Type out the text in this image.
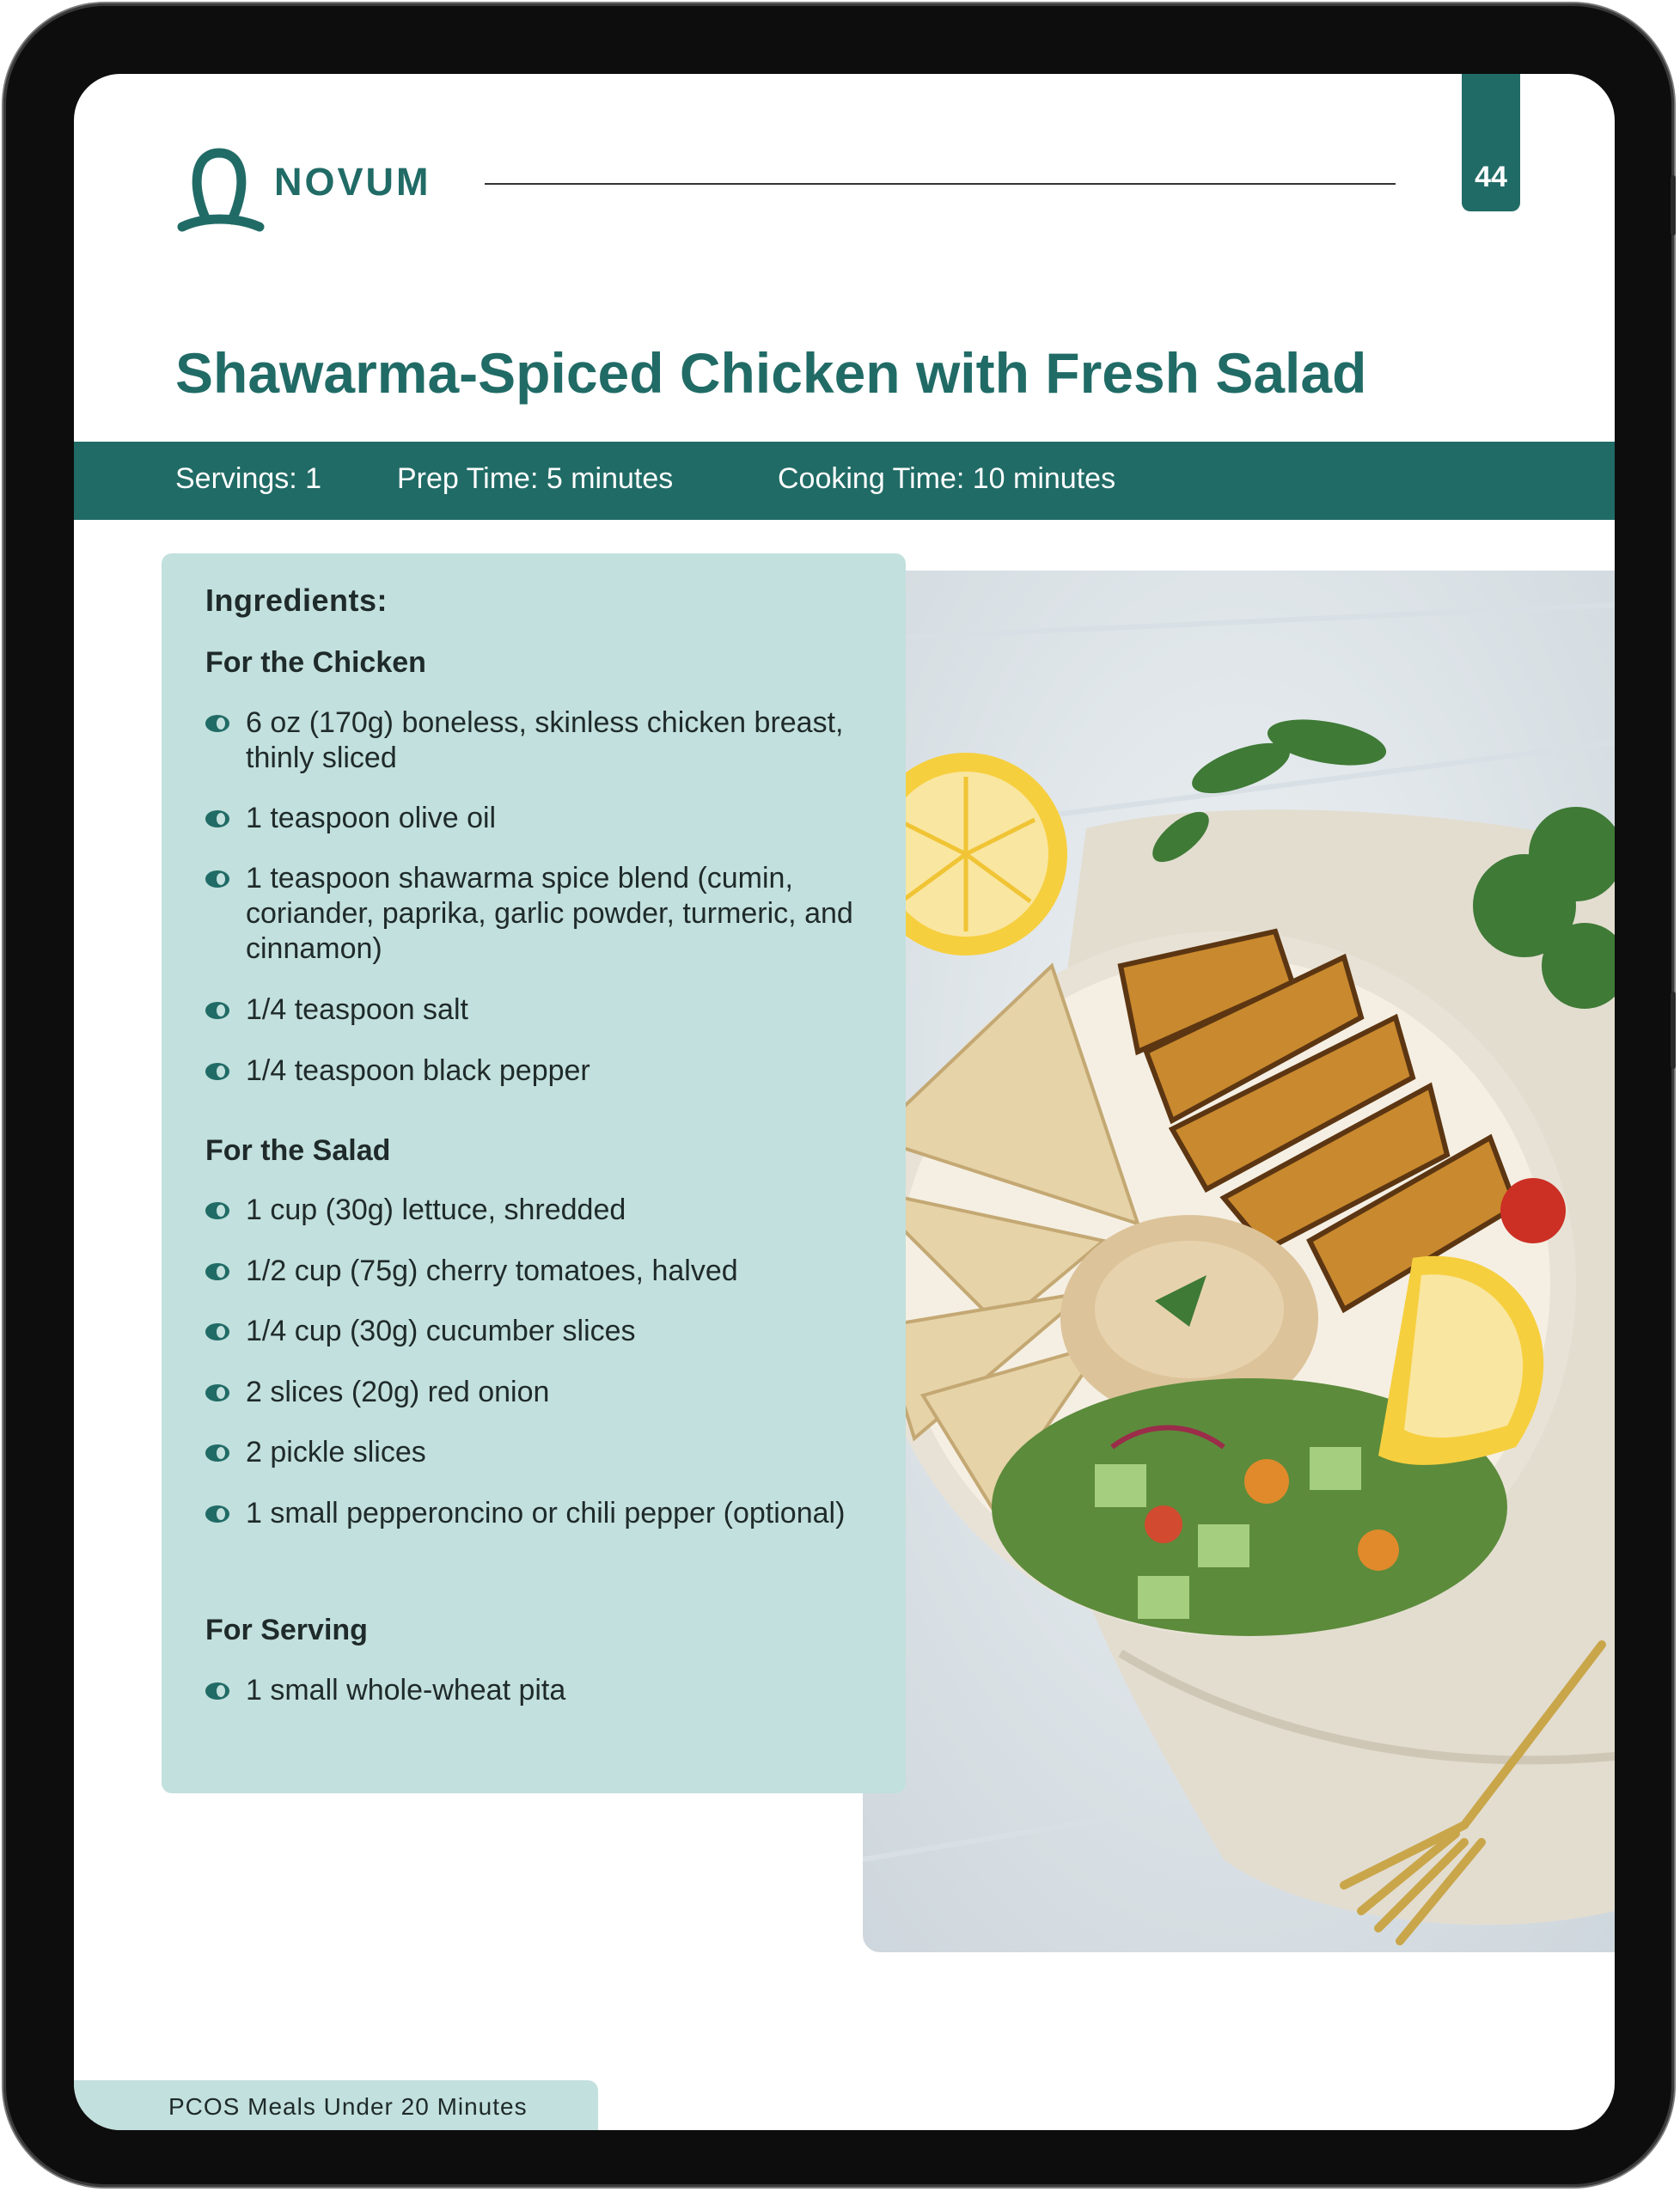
NOVUM	44
Shawarma-Spiced Chicken with Fresh Salad
Servings: 1	Prep Time: 5 minutes	Cooking Time: 10 minutes
Ingredients:
For the Chicken
6 oz (170g) boneless, skinless chicken breast, thinly sliced
1 teaspoon olive oil
1 teaspoon shawarma spice blend (cumin, coriander, paprika, garlic powder, turmeric, and cinnamon)
1/4 teaspoon salt
1/4 teaspoon black pepper
For the Salad
1 cup (30g) lettuce, shredded
1/2 cup (75g) cherry tomatoes, halved
1/4 cup (30g) cucumber slices
2 slices (20g) red onion
2 pickle slices
1 small pepperoncino or chili pepper (optional)
For Serving
1 small whole-wheat pita
PCOS Meals Under 20 Minutes
